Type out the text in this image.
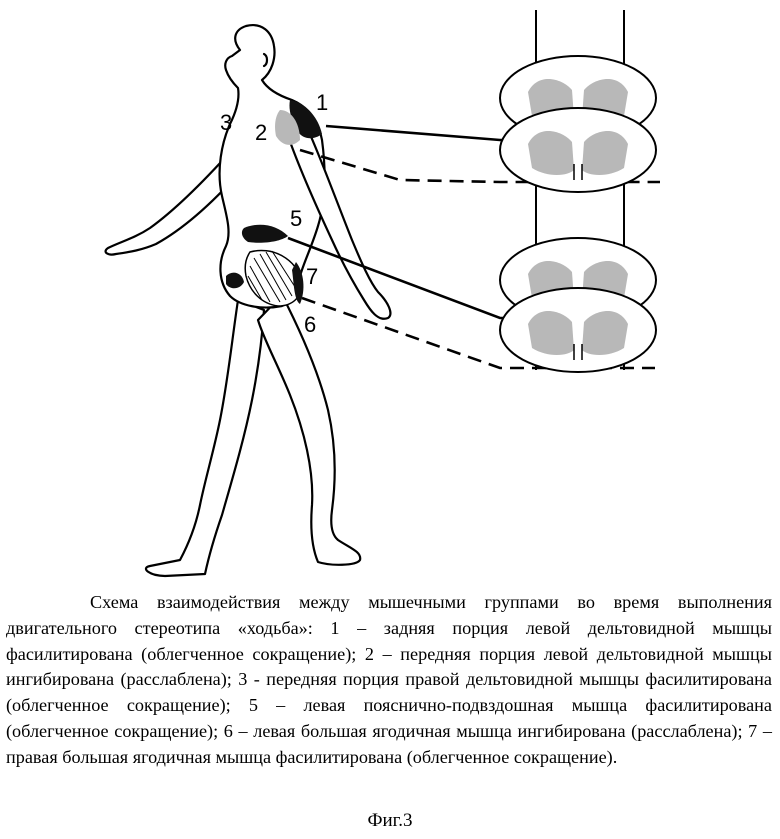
1
2
3
5
7
6

Схема взаимодействия между мышечными группами во время выполнения двигательного стереотипа «ходьба»: 1 – задняя порция левой дельтовидной мышцы фасилитирована (облегченное сокращение); 2 – передняя порция левой дельтовидной мышцы ингибирована (расслаблена); 3 - передняя порция правой дельтовидной мышцы фасилитирована (облегченное сокращение); 5 – левая пояснично-подвздошная мышца фасилитирована (облегченное сокращение); 6 – левая большая ягодичная мышца ингибирована (расслаблена); 7 – правая большая ягодичная мышца фасилитирована (облегченное сокращение).

Фиг.3
